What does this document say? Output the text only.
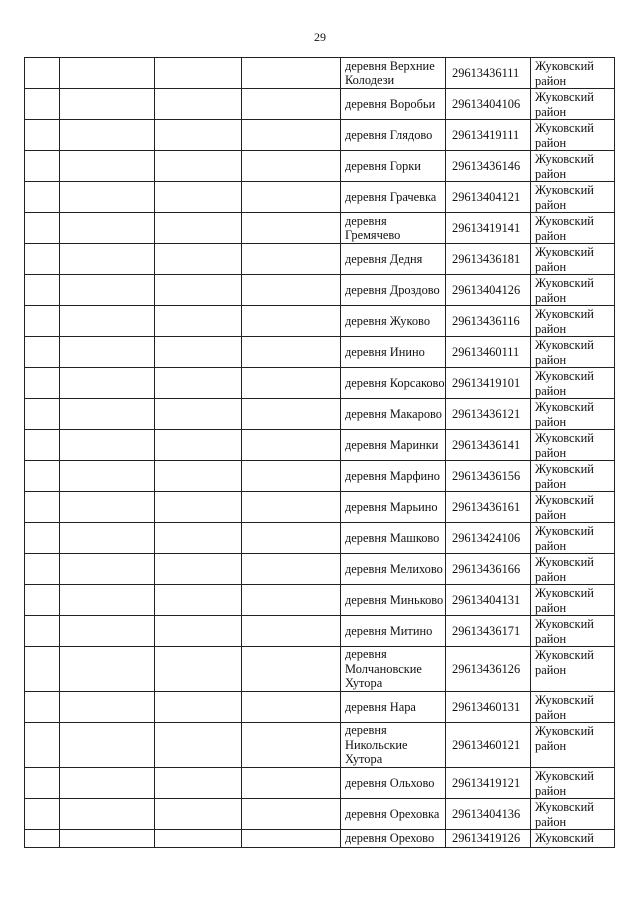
29
				деревня Верхние Колодези	29613436111	Жуковский район
				деревня Воробьи	29613404106	Жуковский район
				деревня Глядово	29613419111	Жуковский район
				деревня Горки	29613436146	Жуковский район
				деревня Грачевка	29613404121	Жуковский район
				деревня Гремячево	29613419141	Жуковский район
				деревня Дедня	29613436181	Жуковский район
				деревня Дроздово	29613404126	Жуковский район
				деревня Жуково	29613436116	Жуковский район
				деревня Инино	29613460111	Жуковский район
				деревня Корсаково	29613419101	Жуковский район
				деревня Макарово	29613436121	Жуковский район
				деревня Маринки	29613436141	Жуковский район
				деревня Марфино	29613436156	Жуковский район
				деревня Марьино	29613436161	Жуковский район
				деревня Машково	29613424106	Жуковский район
				деревня Мелихово	29613436166	Жуковский район
				деревня Миньково	29613404131	Жуковский район
				деревня Митино	29613436171	Жуковский район
				деревня Молчановские Хутора	29613436126	Жуковский район
				деревня Нара	29613460131	Жуковский район
				деревня Никольские Хутора	29613460121	Жуковский район
				деревня Ольхово	29613419121	Жуковский район
				деревня Ореховка	29613404136	Жуковский район
				деревня Орехово	29613419126	Жуковский
